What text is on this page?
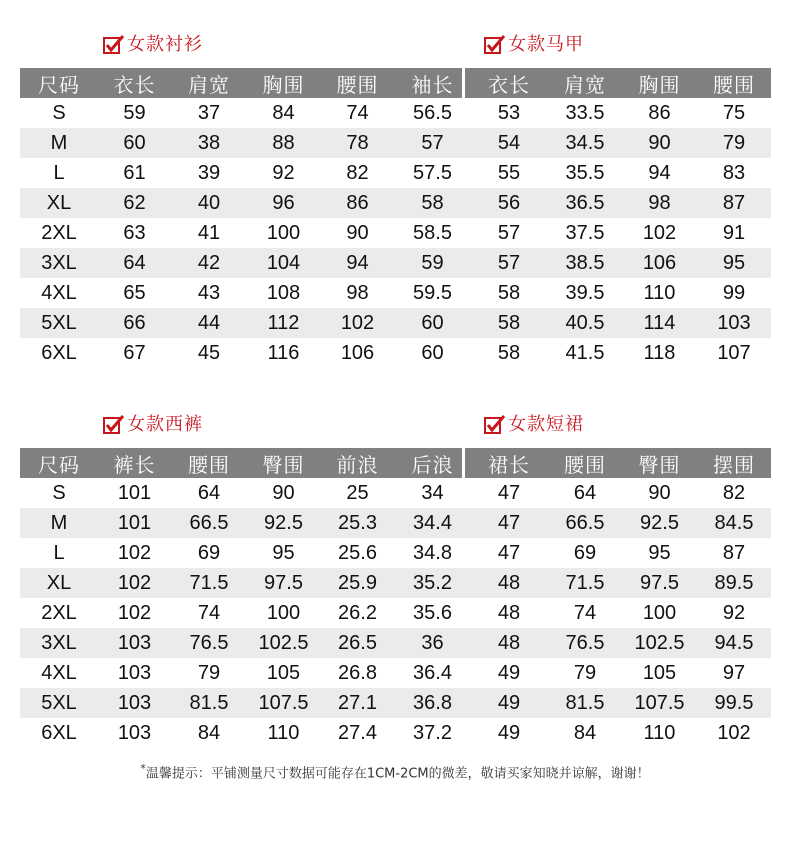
女款衬衫	女款马甲
女款西裤	女款短裙
尺码	衣长	肩宽	胸围	腰围	袖长	衣长	肩宽	胸围	腰围
S	59	37	84	74	56.5	53	33.5	86	75
M	60	38	88	78	57	54	34.5	90	79
L	61	39	92	82	57.5	55	35.5	94	83
XL	62	40	96	86	58	56	36.5	98	87
2XL	63	41	100	90	58.5	57	37.5	102	91
3XL	64	42	104	94	59	57	38.5	106	95
4XL	65	43	108	98	59.5	58	39.5	110	99
5XL	66	44	112	102	60	58	40.5	114	103
6XL	67	45	116	106	60	58	41.5	118	107
尺码	裤长	腰围	臀围	前浪	后浪	裙长	腰围	臀围	摆围
S	101	64	90	25	34	47	64	90	82
M	101	66.5	92.5	25.3	34.4	47	66.5	92.5	84.5
L	102	69	95	25.6	34.8	47	69	95	87
XL	102	71.5	97.5	25.9	35.2	48	71.5	97.5	89.5
2XL	102	74	100	26.2	35.6	48	74	100	92
3XL	103	76.5	102.5	26.5	36	48	76.5	102.5	94.5
4XL	103	79	105	26.8	36.4	49	79	105	97
5XL	103	81.5	107.5	27.1	36.8	49	81.5	107.5	99.5
6XL	103	84	110	27.4	37.2	49	84	110	102
*温馨提示：平铺测量尺寸数据可能存在1CM-2CM的微差，敬请买家知晓并谅解，谢谢！
